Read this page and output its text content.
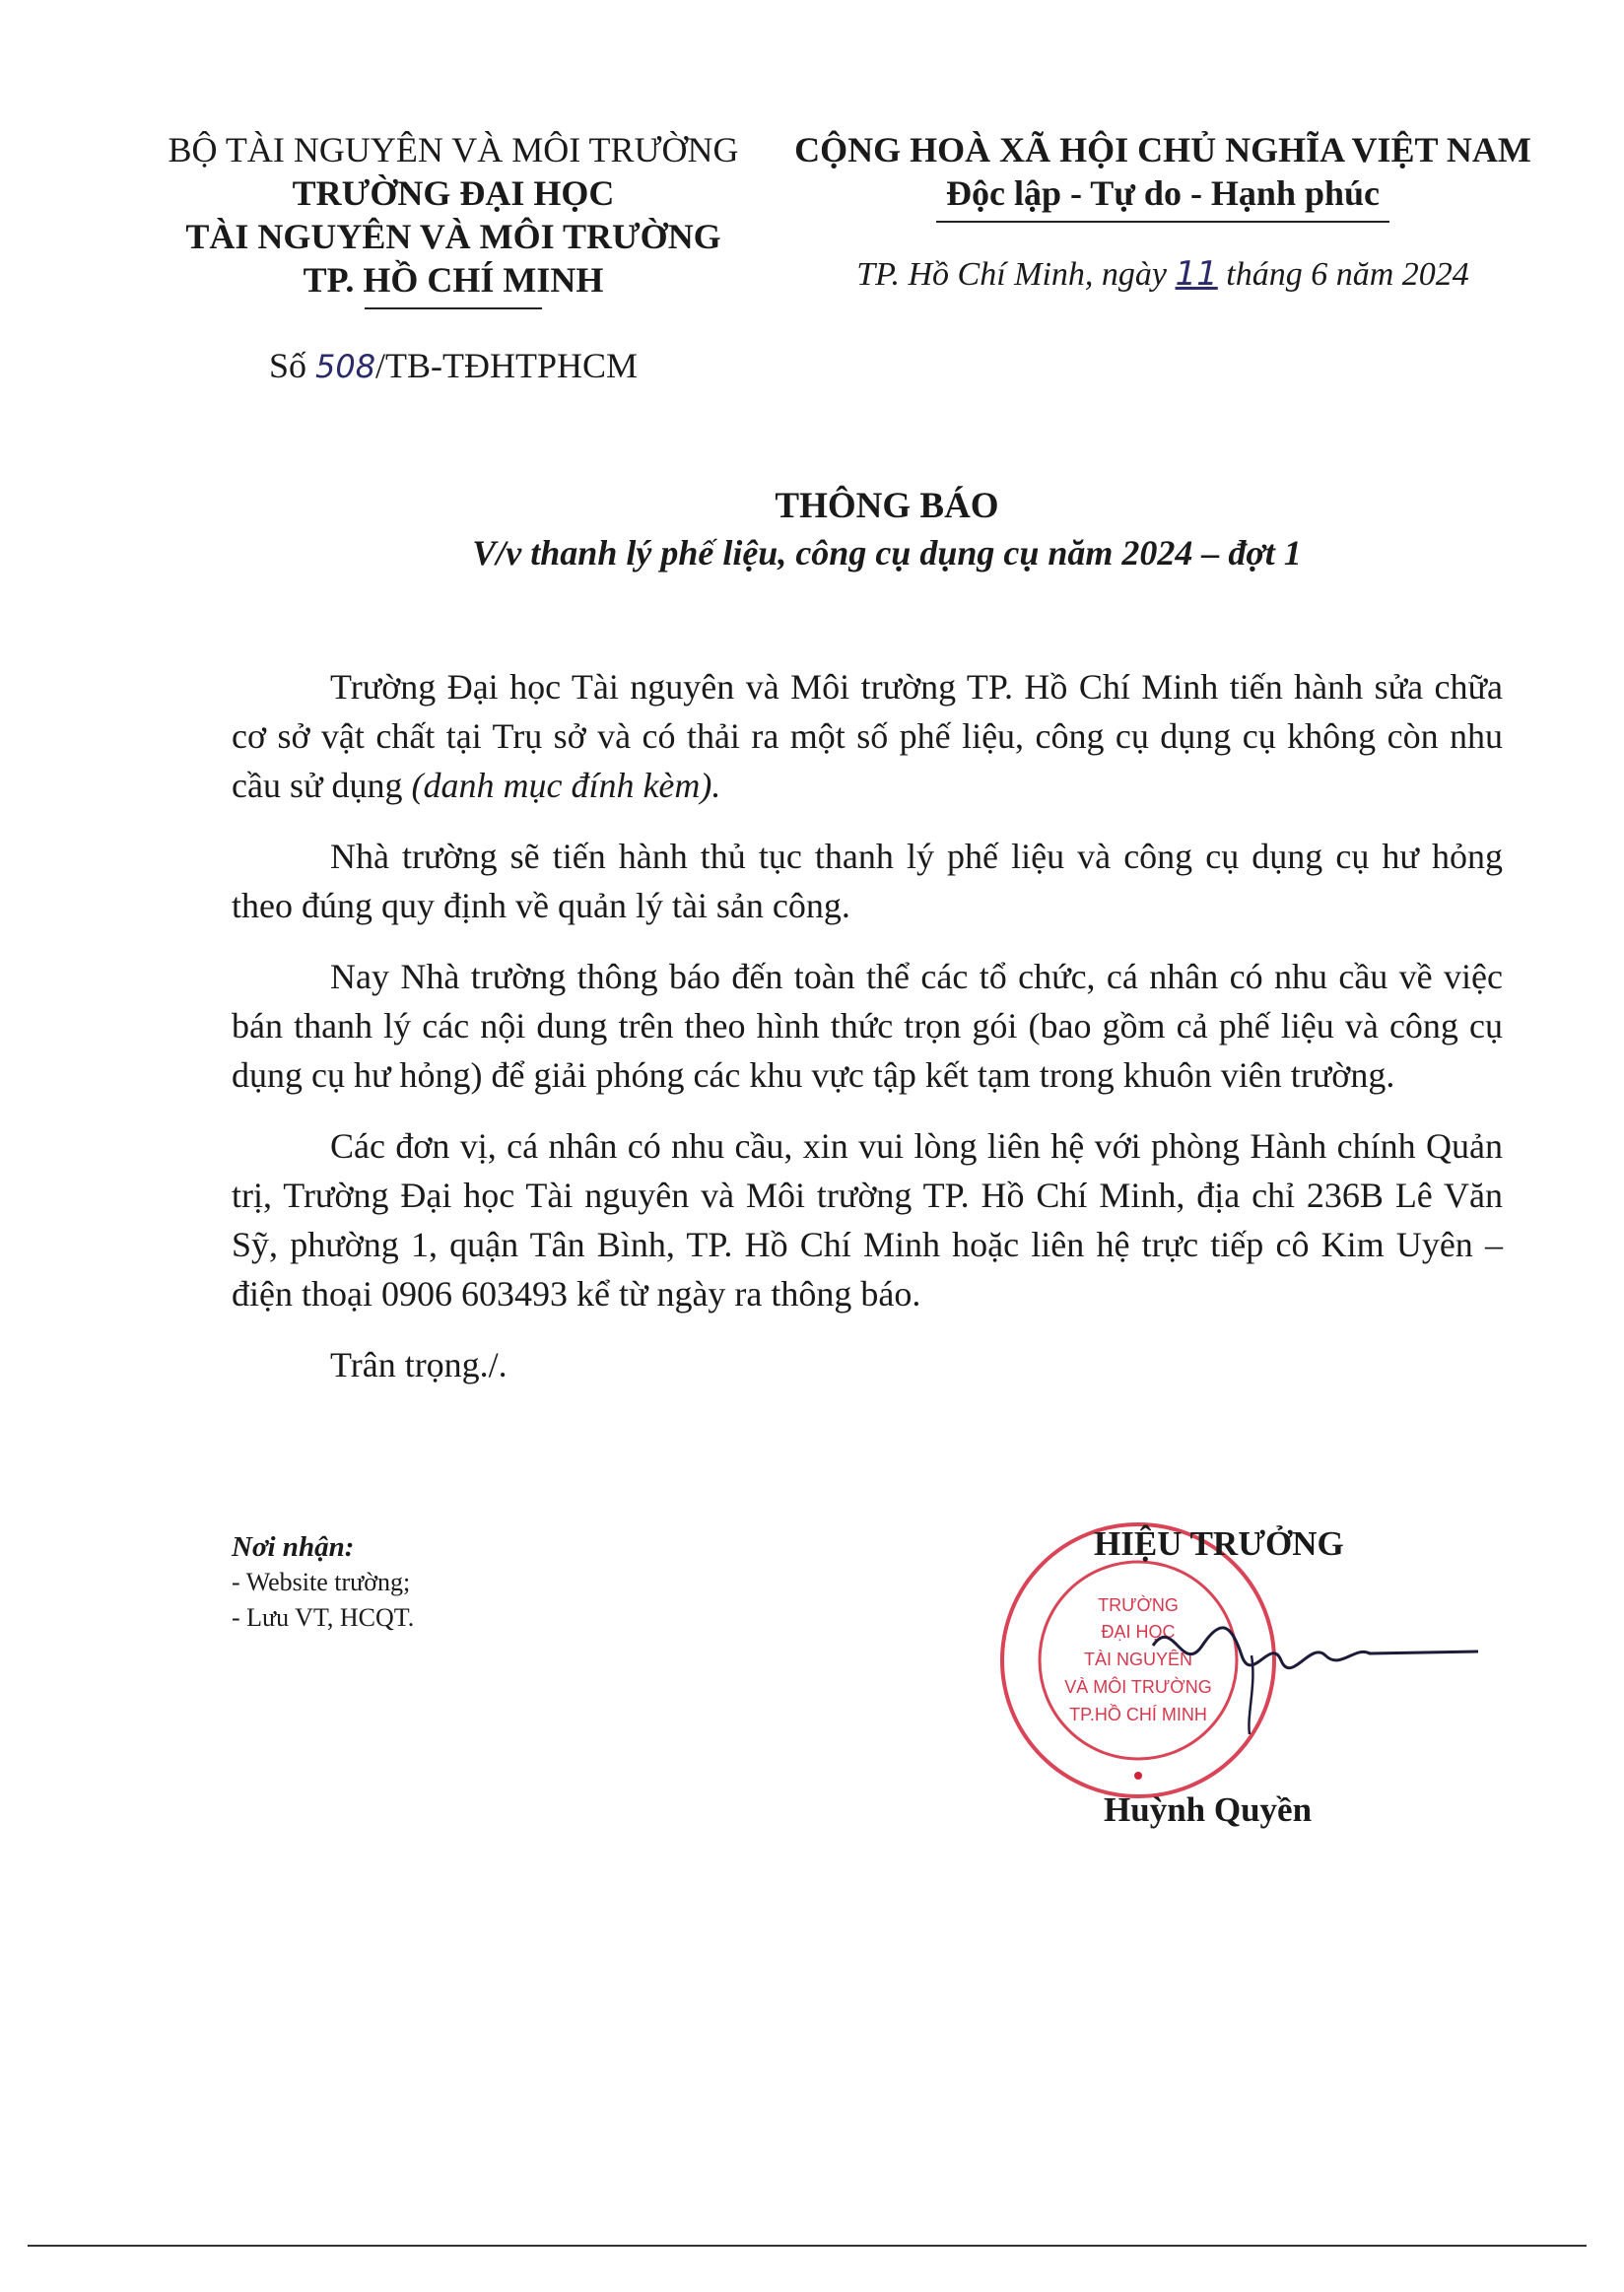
BỘ TÀI NGUYÊN VÀ MÔI TRƯỜNG
TRƯỜNG ĐẠI HỌC
TÀI NGUYÊN VÀ MÔI TRƯỜNG
TP. HỒ CHÍ MINH
Số 508/TB-TĐHTPHCM
CỘNG HOÀ XÃ HỘI CHỦ NGHĨA VIỆT NAM
Độc lập - Tự do - Hạnh phúc
TP. Hồ Chí Minh, ngày 11 tháng 6 năm 2024
THÔNG BÁO
V/v thanh lý phế liệu, công cụ dụng cụ năm 2024 – đợt 1

Trường Đại học Tài nguyên và Môi trường TP. Hồ Chí Minh tiến hành sửa chữa cơ sở vật chất tại Trụ sở và có thải ra một số phế liệu, công cụ dụng cụ không còn nhu cầu sử dụng (danh mục đính kèm).

Nhà trường sẽ tiến hành thủ tục thanh lý phế liệu và công cụ dụng cụ hư hỏng theo đúng quy định về quản lý tài sản công.

Nay Nhà trường thông báo đến toàn thể các tổ chức, cá nhân có nhu cầu về việc bán thanh lý các nội dung trên theo hình thức trọn gói (bao gồm cả phế liệu và công cụ dụng cụ hư hỏng) để giải phóng các khu vực tập kết tạm trong khuôn viên trường.

Các đơn vị, cá nhân có nhu cầu, xin vui lòng liên hệ với phòng Hành chính Quản trị, Trường Đại học Tài nguyên và Môi trường TP. Hồ Chí Minh, địa chỉ 236B Lê Văn Sỹ, phường 1, quận Tân Bình, TP. Hồ Chí Minh hoặc liên hệ trực tiếp cô Kim Uyên – điện thoại 0906 603493 kể từ ngày ra thông báo.

Trân trọng./.

Nơi nhận:
- Website trường;
- Lưu VT, HCQT.	TRƯỜNG
ĐẠI HỌC
TÀI NGUYÊN
VÀ MÔI TRƯỜNG
TP.HỒ CHÍ MINH
HIỆU TRƯỞNG
Huỳnh Quyền
